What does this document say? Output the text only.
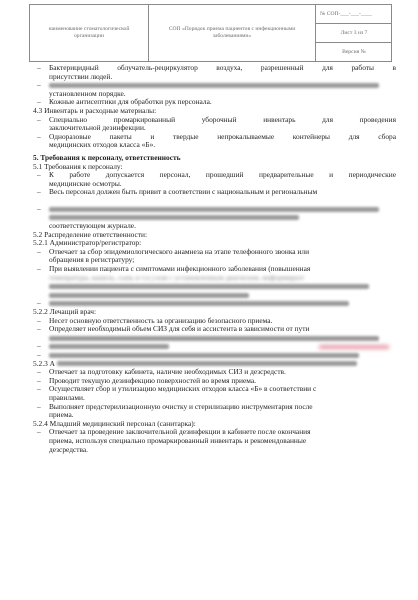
наименование стоматологической организации	СОП «Порядок приема пациентов с инфекционными заболеваниями»	№ СОП-___-___-____
Лист 3 из 7
Версия №
– Бактерицидный облучатель-рециркулятор воздуха, разрешенный для работы в
присутствии людей.
–
установленном порядке.
– Кожные антисептики для обработки рук персонала.
4.3 Инвентарь и расходные материалы:
– Специально промаркированный уборочный инвентарь для проведения
заключительной дезинфекции.
– Одноразовые пакеты и твердые непрокалываемые контейнеры для сбора
медицинских отходов класса «Б».
5. Требования к персоналу, ответственность
5.1 Требования к персоналу:
– К работе допускается персонал, прошедший предварительные и периодические
медицинские осмотры.
– Весь персонал должен быть привит в соответствии с национальным и региональным
–
соответствующем журнале.
5.2 Распределение ответственности:
5.2.1 Администратор/регистратор:
– Отвечает за сбор эпидемиологического анамнеза на этапе телефонного звонка или
обращения в регистратуру;
– При выявлении пациента с симптомами инфекционного заболевания (повышенная
температура, кашель, сыпь и т.п.) или с установленным диагнозом, информирует
–
5.2.2 Лечащий врач:
– Несет основную ответственность за организацию безопасного приема.
– Определяет необходимый объем СИЗ для себя и ассистента в зависимости от пути
–
–
5.2.3 А
– Отвечает за подготовку кабинета, наличие необходимых СИЗ и дезсредств.
– Проводит текущую дезинфекцию поверхностей во время приема.
– Осуществляет сбор и утилизацию медицинских отходов класса «Б» в соответствии с
правилами.
– Выполняет предстерилизационную очистку и стерилизацию инструментария после
приема.
5.2.4 Младший медицинский персонал (санитарка):
– Отвечает за проведение заключительной дезинфекции в кабинете после окончания
приема, используя специально промаркированный инвентарь и рекомендованные
дезсредства.
